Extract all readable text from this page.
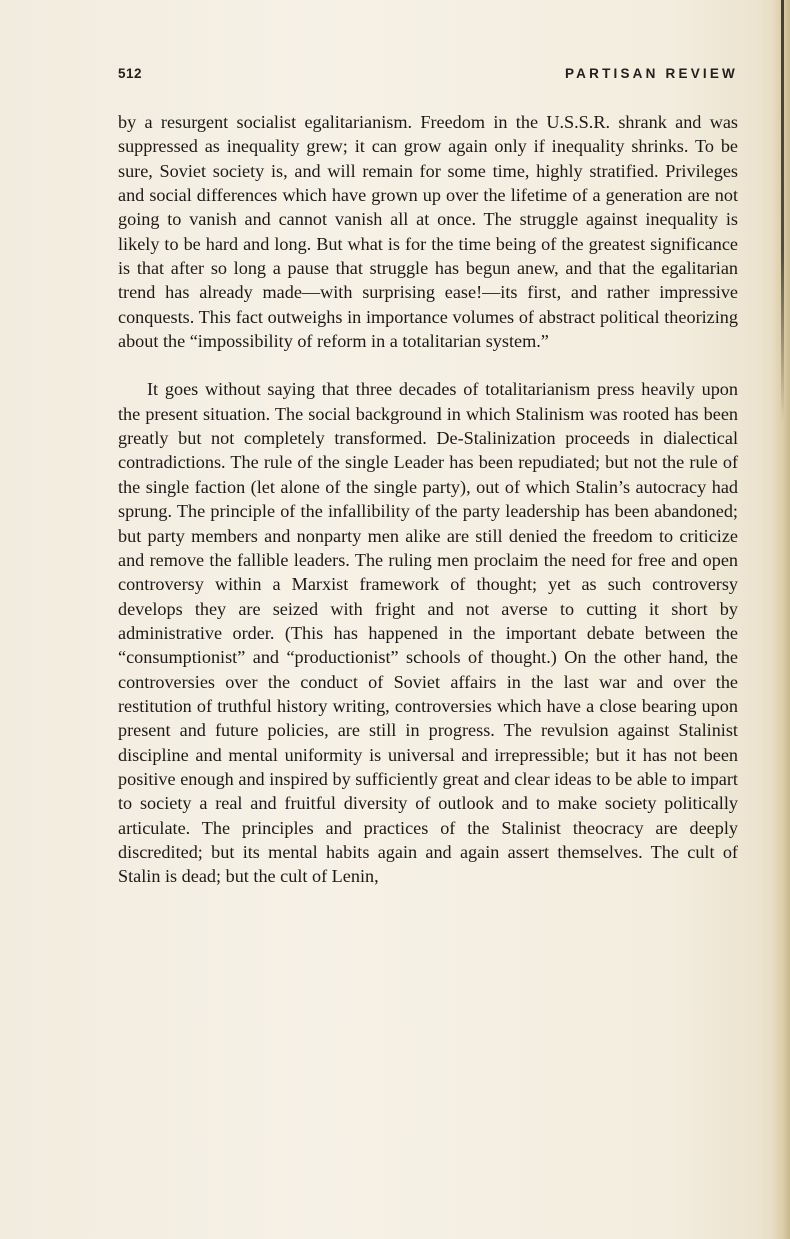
512	PARTISAN REVIEW

by a resurgent socialist egalitarianism. Freedom in the U.S.S.R. shrank and was suppressed as inequality grew; it can grow again only if inequality shrinks. To be sure, Soviet society is, and will remain for some time, highly stratified. Privileges and social differences which have grown up over the lifetime of a generation are not going to vanish and cannot vanish all at once. The struggle against inequality is likely to be hard and long. But what is for the time being of the greatest significance is that after so long a pause that struggle has begun anew, and that the egalitarian trend has already made—with surprising ease!—its first, and rather impressive conquests. This fact outweighs in importance volumes of abstract political theorizing about the “impossibility of reform in a totalitarian system.”

It goes without saying that three decades of totalitarianism press heavily upon the present situation. The social background in which Stalinism was rooted has been greatly but not completely transformed. De-Stalinization proceeds in dialectical contradictions. The rule of the single Leader has been repudiated; but not the rule of the single faction (let alone of the single party), out of which Stalin’s autocracy had sprung. The principle of the infallibility of the party leadership has been abandoned; but party members and nonparty men alike are still denied the freedom to criticize and remove the fallible leaders. The ruling men proclaim the need for free and open controversy within a Marxist framework of thought; yet as such controversy develops they are seized with fright and not averse to cutting it short by administrative order. (This has happened in the important debate between the “consumptionist” and “productionist” schools of thought.) On the other hand, the controversies over the conduct of Soviet affairs in the last war and over the restitution of truthful history writing, controversies which have a close bearing upon present and future policies, are still in progress. The revulsion against Stalinist discipline and mental uniformity is universal and irrepressible; but it has not been positive enough and inspired by sufficiently great and clear ideas to be able to impart to society a real and fruitful diversity of outlook and to make society politically articulate. The principles and practices of the Stalinist theocracy are deeply discredited; but its mental habits again and again assert themselves. The cult of Stalin is dead; but the cult of Lenin,
